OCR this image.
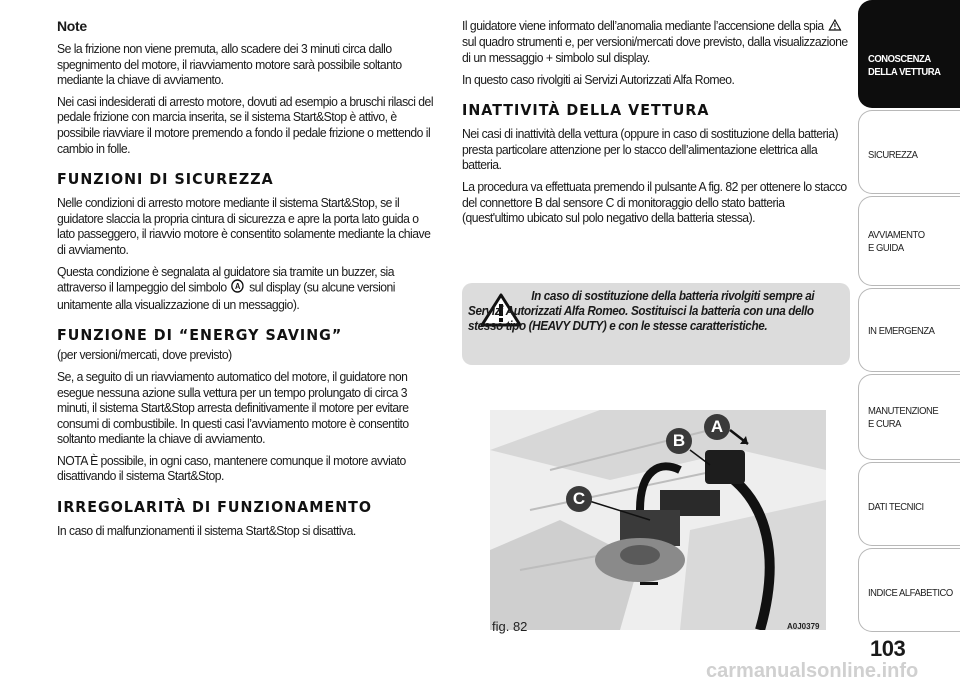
Note

Se la frizione non viene premuta, allo scadere dei 3 minuti circa dallo spegnimento del motore, il riavviamento motore sarà possibile soltanto mediante la chiave di avviamento.

Nei casi indesiderati di arresto motore, dovuti ad esempio a bruschi rilasci del pedale frizione con marcia inserita, se il sistema Start&Stop è attivo, è possibile riavviare il motore premendo a fondo il pedale frizione o mettendo il cambio in folle.

FUNZIONI DI SICUREZZA

Nelle condizioni di arresto motore mediante il sistema Start&Stop, se il guidatore slaccia la propria cintura di sicurezza e apre la porta lato guida o lato passeggero, il riavvio motore è consentito solamente mediante la chiave di avviamento.

Questa condizione è segnalata al guidatore sia tramite un buzzer, sia attraverso il lampeggio del simbolo A sul display (su alcune versioni unitamente alla visualizzazione di un messaggio).

FUNZIONE DI “ENERGY SAVING”

(per versioni/mercati, dove previsto)

Se, a seguito di un riavviamento automatico del motore, il guidatore non esegue nessuna azione sulla vettura per un tempo prolungato di circa 3 minuti, il sistema Start&Stop arresta definitivamente il motore per evitare consumi di combustibile. In questi casi l’avviamento motore è consentito soltanto mediante la chiave di avviamento.

NOTA È possibile, in ogni caso, mantenere comunque il motore avviato disattivando il sistema Start&Stop.

IRREGOLARITÀ DI FUNZIONAMENTO

In caso di malfunzionamenti il sistema Start&Stop si disattiva.

Il guidatore viene informato dell’anomalia mediante l’accensione della spia  sul quadro strumenti e, per versioni/mercati dove previsto, dalla visualizzazione di un messaggio + simbolo sul display.

In questo caso rivolgiti ai Servizi Autorizzati Alfa Romeo.

INATTIVITÀ DELLA VETTURA

Nei casi di inattività della vettura (oppure in caso di sostituzione della batteria) presta particolare attenzione per lo stacco dell’alimentazione elettrica alla batteria.

La procedura va effettuata premendo il pulsante A fig. 82 per ottenere lo stacco del connettore B dal sensore C di monitoraggio dello stato batteria (quest'ultimo ubicato sul polo negativo della batteria stessa).

In caso di sostituzione della batteria rivolgiti sempre ai Servizi Autorizzati Alfa Romeo. Sostituisci la batteria con una dello stesso tipo (HEAVY DUTY) e con le stesse caratteristiche.

A
B
C
fig. 82	A0J0379
CONOSCENZA DELLA VETTURA
SICUREZZA
AVVIAMENTO E GUIDA
IN EMERGENZA
MANUTENZIONE E CURA
DATI TECNICI
INDICE ALFABETICO
103
carmanualsonline.info
